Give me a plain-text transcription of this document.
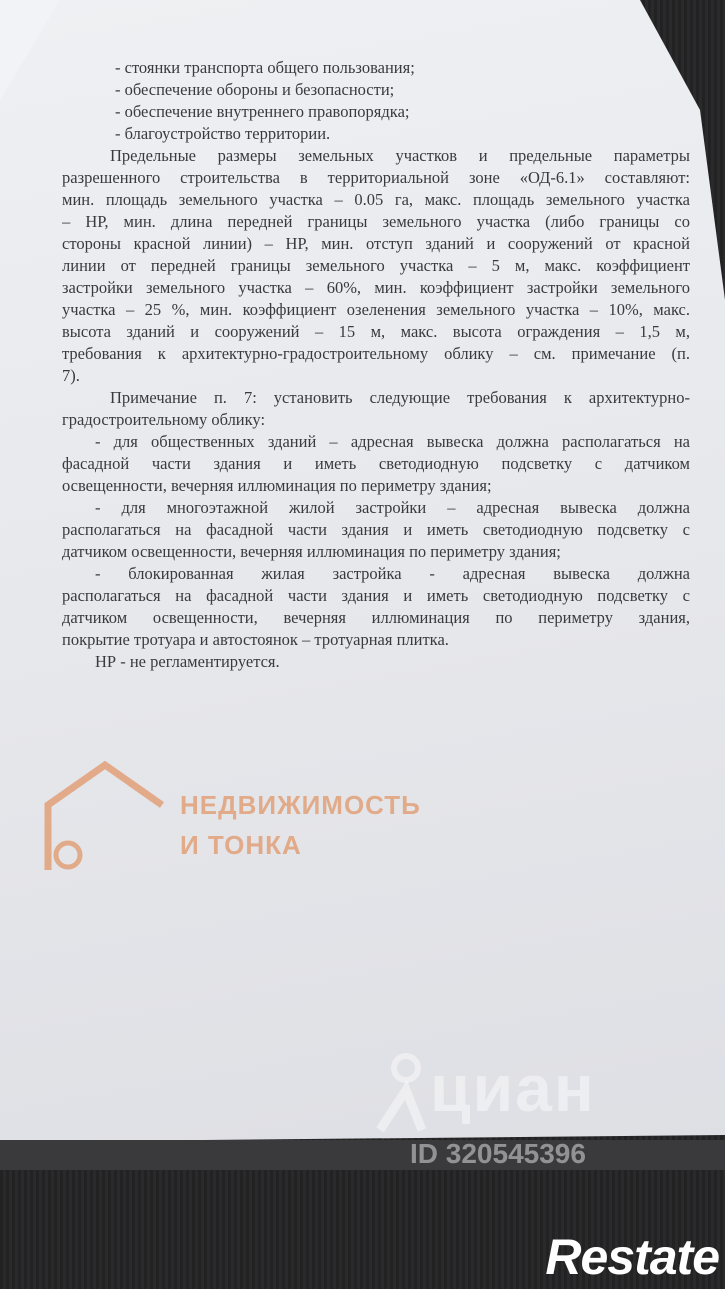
- стоянки транспорта общего пользования;
- обеспечение обороны и безопасности;
- обеспечение внутреннего правопорядка;
- благоустройство территории.
Предельные размеры земельных участков и предельные параметры
разрешенного строительства в территориальной зоне «ОД-6.1» составляют:
мин. площадь земельного участка – 0.05 га, макс. площадь земельного участка
– НР, мин. длина передней границы земельного участка (либо границы со
стороны красной линии) – НР, мин. отступ зданий и сооружений от красной
линии от передней границы земельного участка – 5 м, макс. коэффициент
застройки земельного участка – 60%, мин. коэффициент застройки земельного
участка – 25 %, мин. коэффициент озеленения земельного участка – 10%, макс.
высота зданий и сооружений – 15 м, макс. высота ограждения – 1,5 м,
требования к архитектурно-градостроительному облику – см. примечание (п.
7).
Примечание п. 7: установить следующие требования к архитектурно-
градостроительному облику:
- для общественных зданий – адресная вывеска должна располагаться на
фасадной части здания и иметь светодиодную подсветку с датчиком
освещенности, вечерняя иллюминация по периметру здания;
- для многоэтажной жилой застройки – адресная вывеска должна
располагаться на фасадной части здания и иметь светодиодную подсветку с
датчиком освещенности, вечерняя иллюминация по периметру здания;
- блокированная жилая застройка - адресная вывеска должна
располагаться на фасадной части здания и иметь светодиодную подсветку с
датчиком освещенности, вечерняя иллюминация по периметру здания,
покрытие тротуара и автостоянок – тротуарная плитка.
НР - не регламентируется.
НЕДВИЖИМОСТЬ
И ТОНКА
циан
ID 320545396
Restate
